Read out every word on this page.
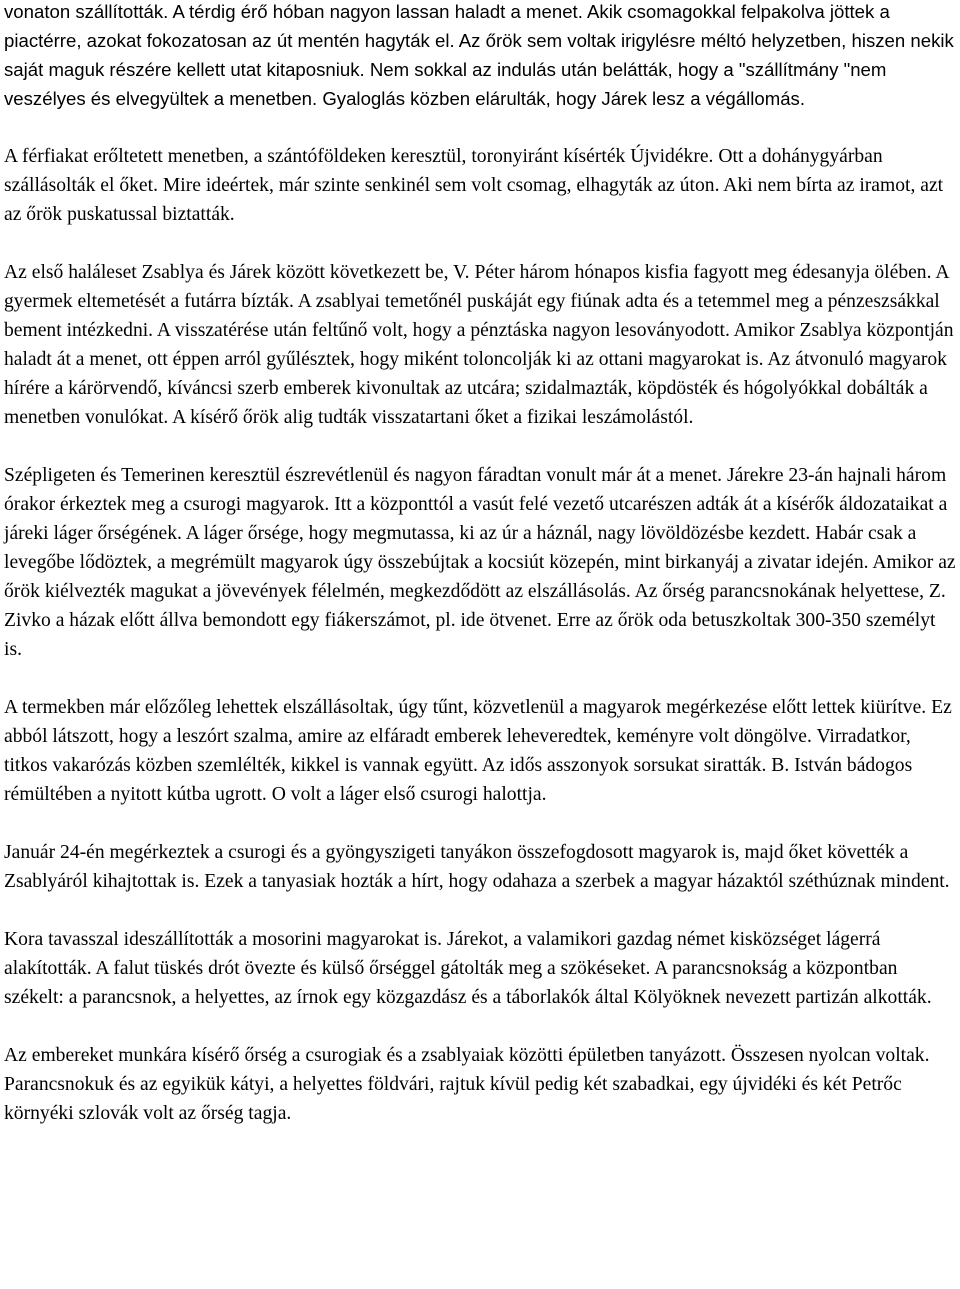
vonaton szállították. A térdig érő hóban nagyon lassan haladt a menet. Akik csomagokkal felpakolva jöttek a piactérre, azokat fokozatosan az út mentén hagyták el. Az őrök sem voltak irigylésre méltó helyzetben, hiszen nekik saját maguk részére kellett utat kitaposniuk. Nem sokkal az indulás után belátták, hogy a "szállítmány "nem veszélyes és elvegyültek a menetben. Gyaloglás közben elárulták, hogy Járek lesz a végállomás.

A férfiakat erőltetett menetben, a szántóföldeken keresztül, toronyiránt kísérték Újvidékre. Ott a dohánygyárban szállásolták el őket. Mire ideértek, már szinte senkinél sem volt csomag, elhagyták az úton. Aki nem bírta az iramot, azt az őrök puskatussal biztatták.

Az első haláleset Zsablya és Járek között következett be, V. Péter három hónapos kisfia fagyott meg édesanyja ölében. A gyermek eltemetését a futárra bízták. A zsablyai temetőnél puskáját egy fiúnak adta és a tetemmel meg a pénzeszsákkal bement intézkedni. A visszatérése után feltűnő volt, hogy a pénztáska nagyon lesoványodott. Amikor Zsablya központján haladt át a menet, ott éppen arról gyűlésztek, hogy miként toloncolják ki az ottani magyarokat is. Az átvonuló magyarok hírére a kárörvendő, kíváncsi szerb emberek kivonultak az utcára; szidalmazták, köpdösték és hógolyókkal dobálták a menetben vonulókat. A kísérő őrök alig tudták visszatartani őket a fizikai leszámolástól.

Szépligeten és Temerinen keresztül észrevétlenül és nagyon fáradtan vonult már át a menet. Járekre 23-án hajnali három órakor érkeztek meg a csurogi magyarok. Itt a központtól a vasút felé vezető utcarészen adták át a kísérők áldozataikat a járeki láger őrségének. A láger őrsége, hogy megmutassa, ki az úr a háznál, nagy lövöldözésbe kezdett. Habár csak a levegőbe lődöztek, a megrémült magyarok úgy összebújtak a kocsiút közepén, mint birkanyáj a zivatar idején. Amikor az őrök kiélvezték magukat a jövevények félelmén, megkezdődött az elszállásolás. Az őrség parancsnokának helyettese, Z. Zivko a házak előtt állva bemondott egy fiákerszámot, pl. ide ötvenet. Erre az őrök oda betuszkoltak 300-350 személyt is.

A termekben már előzőleg lehettek elszállásoltak, úgy tűnt, közvetlenül a magyarok megérkezése előtt lettek kiürítve. Ez abból látszott, hogy a leszórt szalma, amire az elfáradt emberek leheveredtek, keményre volt döngölve. Virradatkor, titkos vakarózás közben szemlélték, kikkel is vannak együtt. Az idős asszonyok sorsukat siratták. B. István bádogos rémültében a nyitott kútba ugrott. O volt a láger első csurogi halottja.

Január 24-én megérkeztek a csurogi és a gyöngyszigeti tanyákon összefogdosott magyarok is, majd őket követték a Zsablyáról kihajtottak is. Ezek a tanyasiak hozták a hírt, hogy odahaza a szerbek a magyar házaktól széthúznak mindent.

Kora tavasszal ideszállították a mosorini magyarokat is. Járekot, a valamikori gazdag német kisközséget lágerrá alakították. A falut tüskés drót övezte és külső őrséggel gátolták meg a szökéseket. A parancsnokság a központban székelt: a parancsnok, a helyettes, az írnok egy közgazdász és a táborlakók által Kölyöknek nevezett partizán alkották.

Az embereket munkára kísérő őrség a csurogiak és a zsablyaiak közötti épületben tanyázott. Összesen nyolcan voltak. Parancsnokuk és az egyikük kátyi, a helyettes földvári, rajtuk kívül pedig két szabadkai, egy újvidéki és két Petrőc környéki szlovák volt az őrség tagja.
